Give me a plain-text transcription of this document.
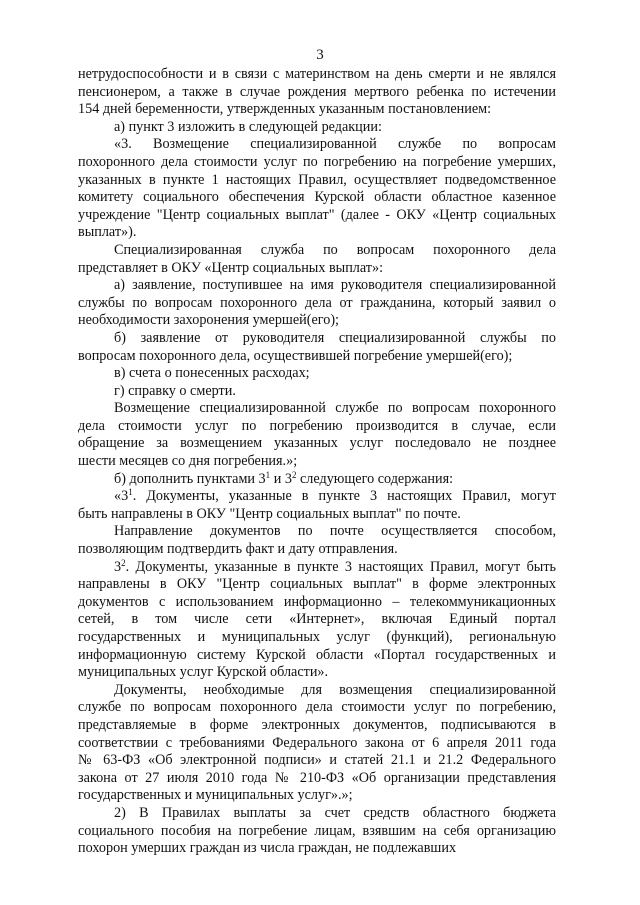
3

нетрудоспособности и в связи с материнством на день смерти и не являлся

пенсионером, а также в случае рождения мертвого ребенка по истечении

154 дней беременности, утвержденных указанным постановлением:

а) пункт 3 изложить в следующей редакции:

«3. Возмещение специализированной службе по вопросам

похоронного дела стоимости услуг по погребению на погребение умерших,

указанных в пункте 1 настоящих Правил, осуществляет подведомственное

комитету социального обеспечения Курской области областное казенное

учреждение "Центр социальных выплат" (далее - ОКУ «Центр социальных

выплат»).

Специализированная служба по вопросам похоронного дела

представляет в ОКУ «Центр социальных выплат»:

а) заявление, поступившее на имя руководителя специализированной

службы по вопросам похоронного дела от гражданина, который заявил о

необходимости захоронения умершей(его);

б) заявление от руководителя специализированной службы по

вопросам похоронного дела, осуществившей погребение умершей(его);

в) счета о понесенных расходах;

г) справку о смерти.

Возмещение специализированной службе по вопросам похоронного

дела стоимости услуг по погребению производится в случае, если

обращение за возмещением указанных услуг последовало не позднее

шести месяцев со дня погребения.»;

б) дополнить пунктами $3^1$ и $3^2$ следующего содержания:

«$3^1$. Документы, указанные в пункте 3 настоящих Правил, могут

быть направлены в ОКУ "Центр социальных выплат" по почте.

Направление документов по почте осуществляется способом,

позволяющим подтвердить факт и дату отправления.

$3^2$. Документы, указанные в пункте 3 настоящих Правил, могут быть

направлены в ОКУ "Центр социальных выплат" в форме электронных

документов с использованием информационно – телекоммуникационных

сетей, в том числе сети «Интернет», включая Единый портал

государственных и муниципальных услуг (функций), региональную

информационную систему Курской области «Портал государственных и

муниципальных услуг Курской области».

Документы, необходимые для возмещения специализированной

службе по вопросам похоронного дела стоимости услуг по погребению,

представляемые в форме электронных документов, подписываются в

соответствии с требованиями Федерального закона от 6 апреля 2011 года

№ 63-ФЗ «Об электронной подписи» и статей 21.1 и 21.2 Федерального

закона от 27 июля 2010 года № 210-ФЗ «Об организации представления

государственных и муниципальных услуг».»;

2) В Правилах выплаты за счет средств областного бюджета

социального пособия на погребение лицам, взявшим на себя организацию

похорон умерших граждан из числа граждан, не подлежавших
